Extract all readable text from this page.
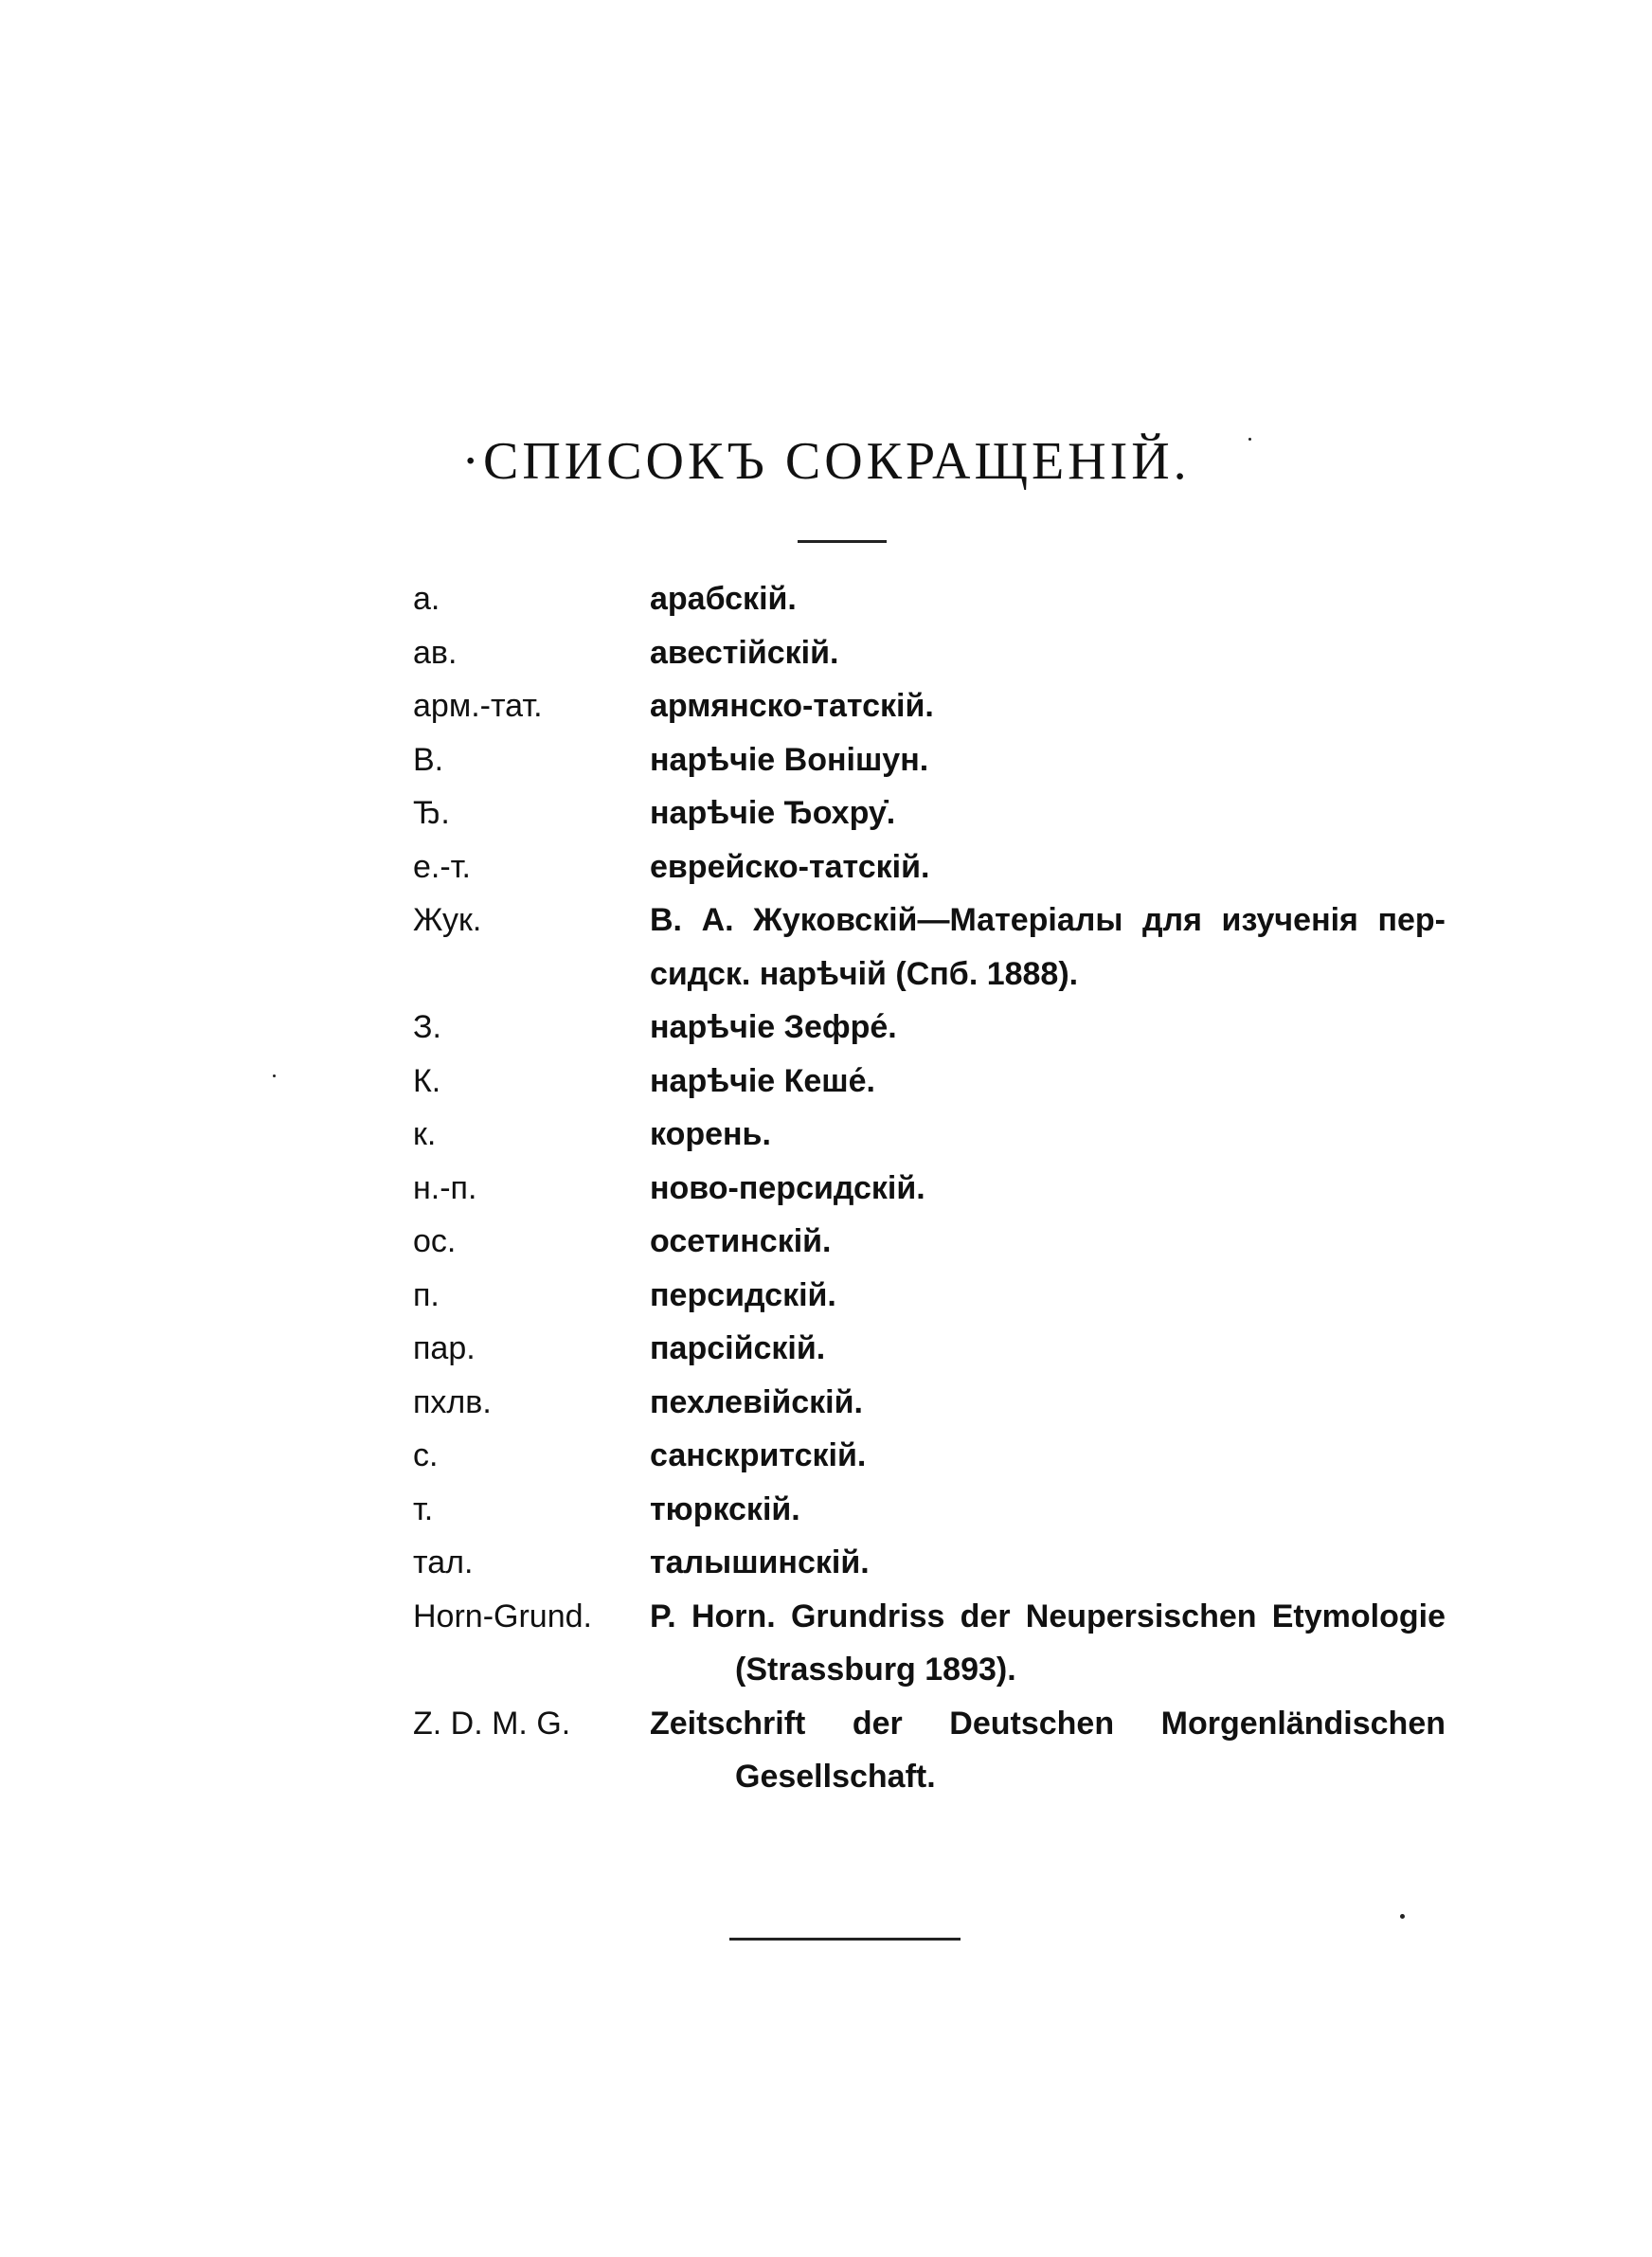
·СПИСОКЪ СОКРАЩЕНІЙ.
а.	арабскій.
ав.	авестійскій.
арм.-тат.	армянско-татскій.
В.	нарѣчіе Вонішун.
Ђ.	нарѣчіе Ђохру̇.
е.-т.	еврейско-татскій.
Жук.	В. А. Жуковскій—Матеріалы для изученія пер-
сидск. нарѣчій (Спб. 1888).
З.	нарѣчіе Зефре́.
К.	нарѣчіе Кеше́.
к.	корень.
н.-п.	ново-персидскій.
ос.	осетинскій.
п.	персидскій.
пар.	парсійскій.
пхлв.	пехлевійскій.
с.	санскритскій.
т.	тюркскій.
тал.	талышинскій.
Horn-Grund.	P. Horn. Grundriss der Neupersischen Etymologie
(Strassburg 1893).
Z. D. M. G.	Zeitschrift der Deutschen Morgenländischen
Gesellschaft.
